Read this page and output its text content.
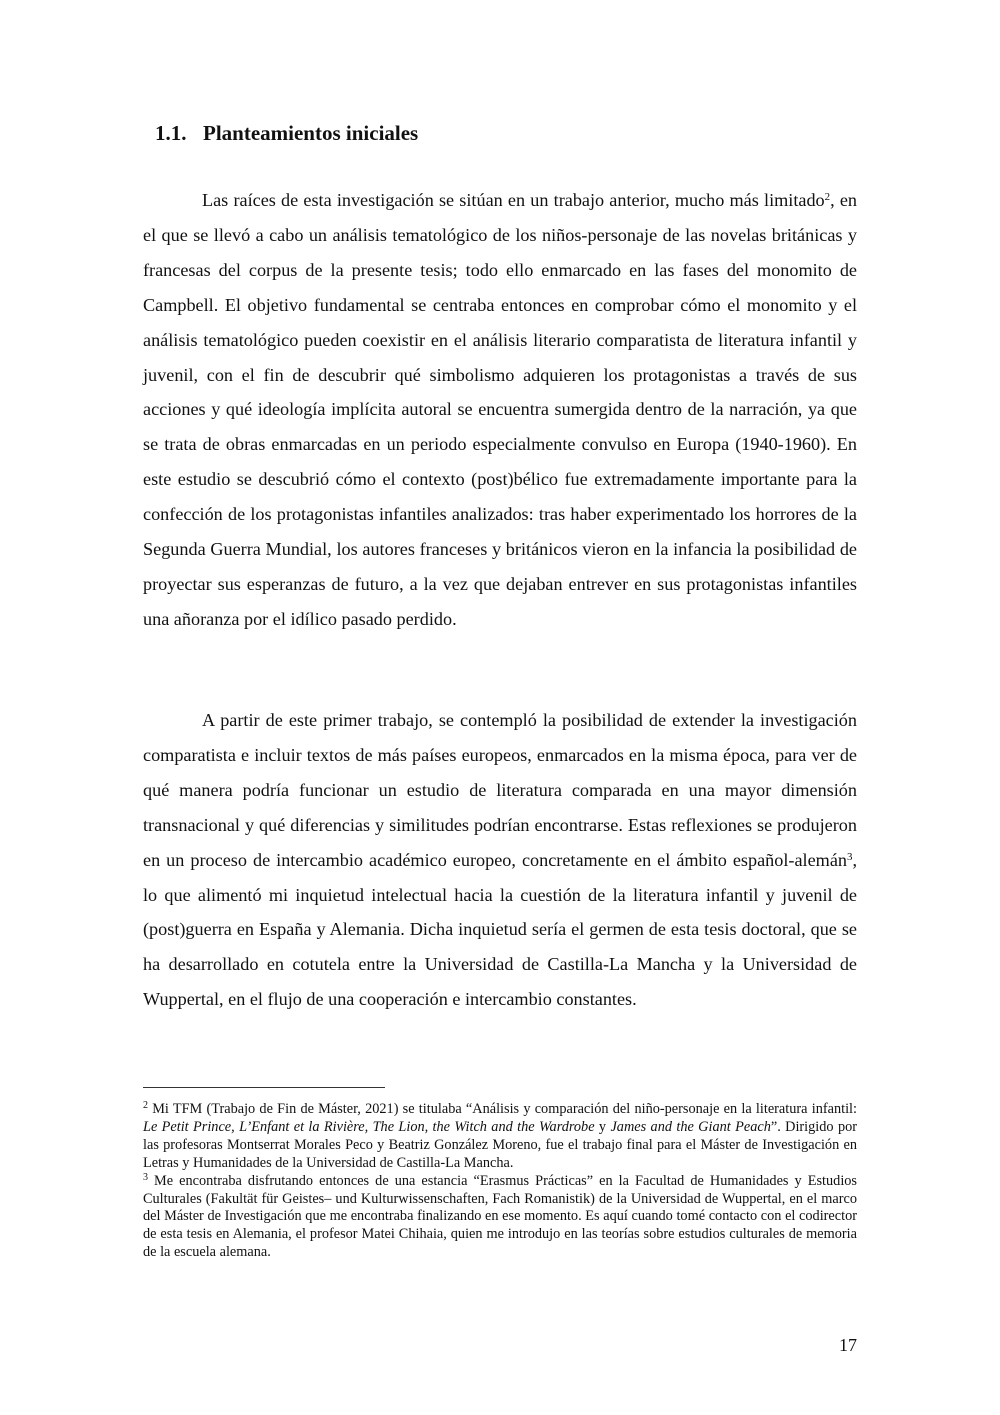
1.1. Planteamientos iniciales

Las raíces de esta investigación se sitúan en un trabajo anterior, mucho más limitado$^2$, en el que se llevó a cabo un análisis tematológico de los niños-personaje de las novelas británicas y francesas del corpus de la presente tesis; todo ello enmarcado en las fases del monomito de Campbell. El objetivo fundamental se centraba entonces en comprobar cómo el monomito y el análisis tematológico pueden coexistir en el análisis literario comparatista de literatura infantil y juvenil, con el fin de descubrir qué simbolismo adquieren los protagonistas a través de sus acciones y qué ideología implícita autoral se encuentra sumergida dentro de la narración, ya que se trata de obras enmarcadas en un periodo especialmente convulso en Europa (1940-1960). En este estudio se descubrió cómo el contexto (post)bélico fue extremadamente importante para la confección de los protagonistas infantiles analizados: tras haber experimentado los horrores de la Segunda Guerra Mundial, los autores franceses y británicos vieron en la infancia la posibilidad de proyectar sus esperanzas de futuro, a la vez que dejaban entrever en sus protagonistas infantiles una añoranza por el idílico pasado perdido.

A partir de este primer trabajo, se contempló la posibilidad de extender la investigación comparatista e incluir textos de más países europeos, enmarcados en la misma época, para ver de qué manera podría funcionar un estudio de literatura comparada en una mayor dimensión transnacional y qué diferencias y similitudes podrían encontrarse. Estas reflexiones se produjeron en un proceso de intercambio académico europeo, concretamente en el ámbito español-alemán$^3$, lo que alimentó mi inquietud intelectual hacia la cuestión de la literatura infantil y juvenil de (post)guerra en España y Alemania. Dicha inquietud sería el germen de esta tesis doctoral, que se ha desarrollado en cotutela entre la Universidad de Castilla-La Mancha y la Universidad de Wuppertal, en el flujo de una cooperación e intercambio constantes.

$^2$ Mi TFM (Trabajo de Fin de Máster, 2021) se titulaba “Análisis y comparación del niño-personaje en la literatura infantil: Le Petit Prince, L’Enfant et la Rivière, The Lion, the Witch and the Wardrobe y James and the Giant Peach”. Dirigido por las profesoras Montserrat Morales Peco y Beatriz González Moreno, fue el trabajo final para el Máster de Investigación en Letras y Humanidades de la Universidad de Castilla-La Mancha.

$^3$ Me encontraba disfrutando entonces de una estancia “Erasmus Prácticas” en la Facultad de Humanidades y Estudios Culturales (Fakultät für Geistes– und Kulturwissenschaften, Fach Romanistik) de la Universidad de Wuppertal, en el marco del Máster de Investigación que me encontraba finalizando en ese momento. Es aquí cuando tomé contacto con el codirector de esta tesis en Alemania, el profesor Matei Chihaia, quien me introdujo en las teorías sobre estudios culturales de memoria de la escuela alemana.

17
